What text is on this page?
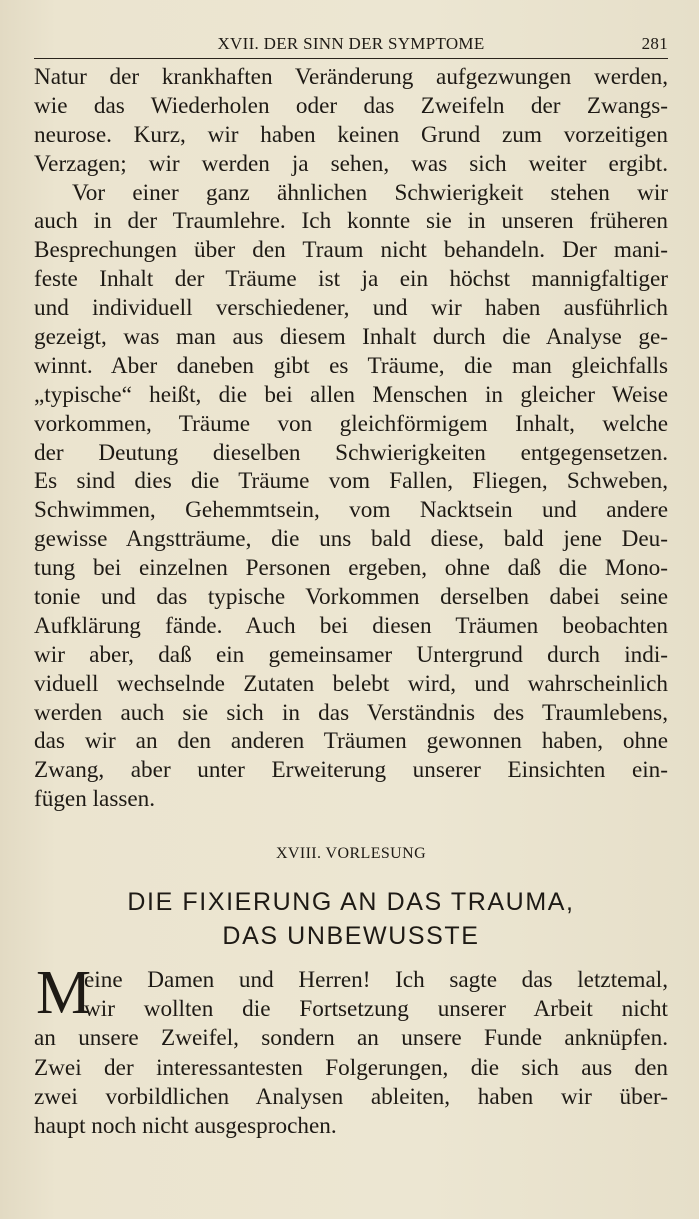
XVII. DER SINN DER SYMPTOME	281
Natur der krankhaften Veränderung aufgezwungen werden,
wie das Wiederholen oder das Zweifeln der Zwangs-
neurose. Kurz, wir haben keinen Grund zum vorzeitigen
Verzagen; wir werden ja sehen, was sich weiter ergibt.
Vor einer ganz ähnlichen Schwierigkeit stehen wir
auch in der Traumlehre. Ich konnte sie in unseren früheren
Besprechungen über den Traum nicht behandeln. Der mani-
feste Inhalt der Träume ist ja ein höchst mannigfaltiger
und individuell verschiedener, und wir haben ausführlich
gezeigt, was man aus diesem Inhalt durch die Analyse ge-
winnt. Aber daneben gibt es Träume, die man gleichfalls
„typische“ heißt, die bei allen Menschen in gleicher Weise
vorkommen, Träume von gleichförmigem Inhalt, welche
der Deutung dieselben Schwierigkeiten entgegensetzen.
Es sind dies die Träume vom Fallen, Fliegen, Schweben,
Schwimmen, Gehemmtsein, vom Nacktsein und andere
gewisse Angstträume, die uns bald diese, bald jene Deu-
tung bei einzelnen Personen ergeben, ohne daß die Mono-
tonie und das typische Vorkommen derselben dabei seine
Aufklärung fände. Auch bei diesen Träumen beobachten
wir aber, daß ein gemeinsamer Untergrund durch indi-
viduell wechselnde Zutaten belebt wird, und wahrscheinlich
werden auch sie sich in das Verständnis des Traumlebens,
das wir an den anderen Träumen gewonnen haben, ohne
Zwang, aber unter Erweiterung unserer Einsichten ein-
fügen lassen.
XVIII. VORLESUNG
DIE FIXIERUNG AN DAS TRAUMA,
DAS UNBEWUSSTE
M
eine Damen und Herren! Ich sagte das letztemal,
wir wollten die Fortsetzung unserer Arbeit nicht
an unsere Zweifel, sondern an unsere Funde anknüpfen.
Zwei der interessantesten Folgerungen, die sich aus den
zwei vorbildlichen Analysen ableiten, haben wir über-
haupt noch nicht ausgesprochen.
